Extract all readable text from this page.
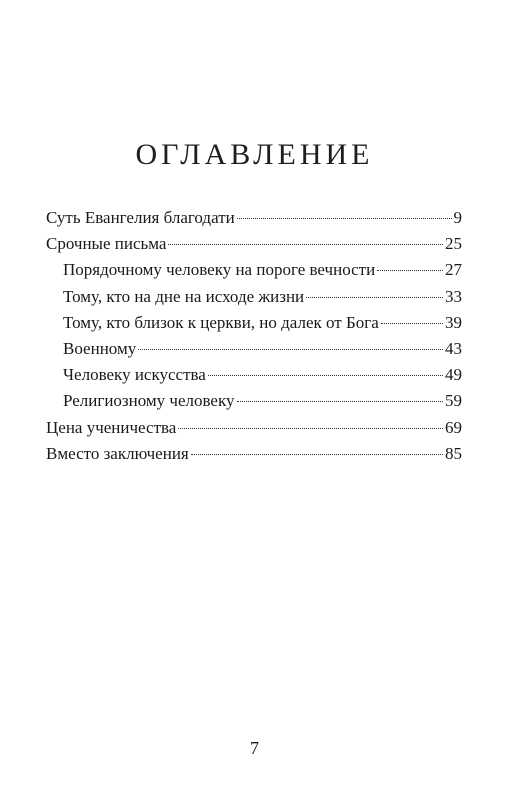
ОГЛАВЛЕНИЕ
Суть Евангелия благодати	9
Срочные письма	25
Порядочному человеку на пороге вечности	27
Тому, кто на дне на исходе жизни	33
Тому, кто близок к церкви, но далек от Бога	39
Военному	43
Человеку искусства	49
Религиозному человеку	59
Цена ученичества	69
Вместо заключения	85
7
